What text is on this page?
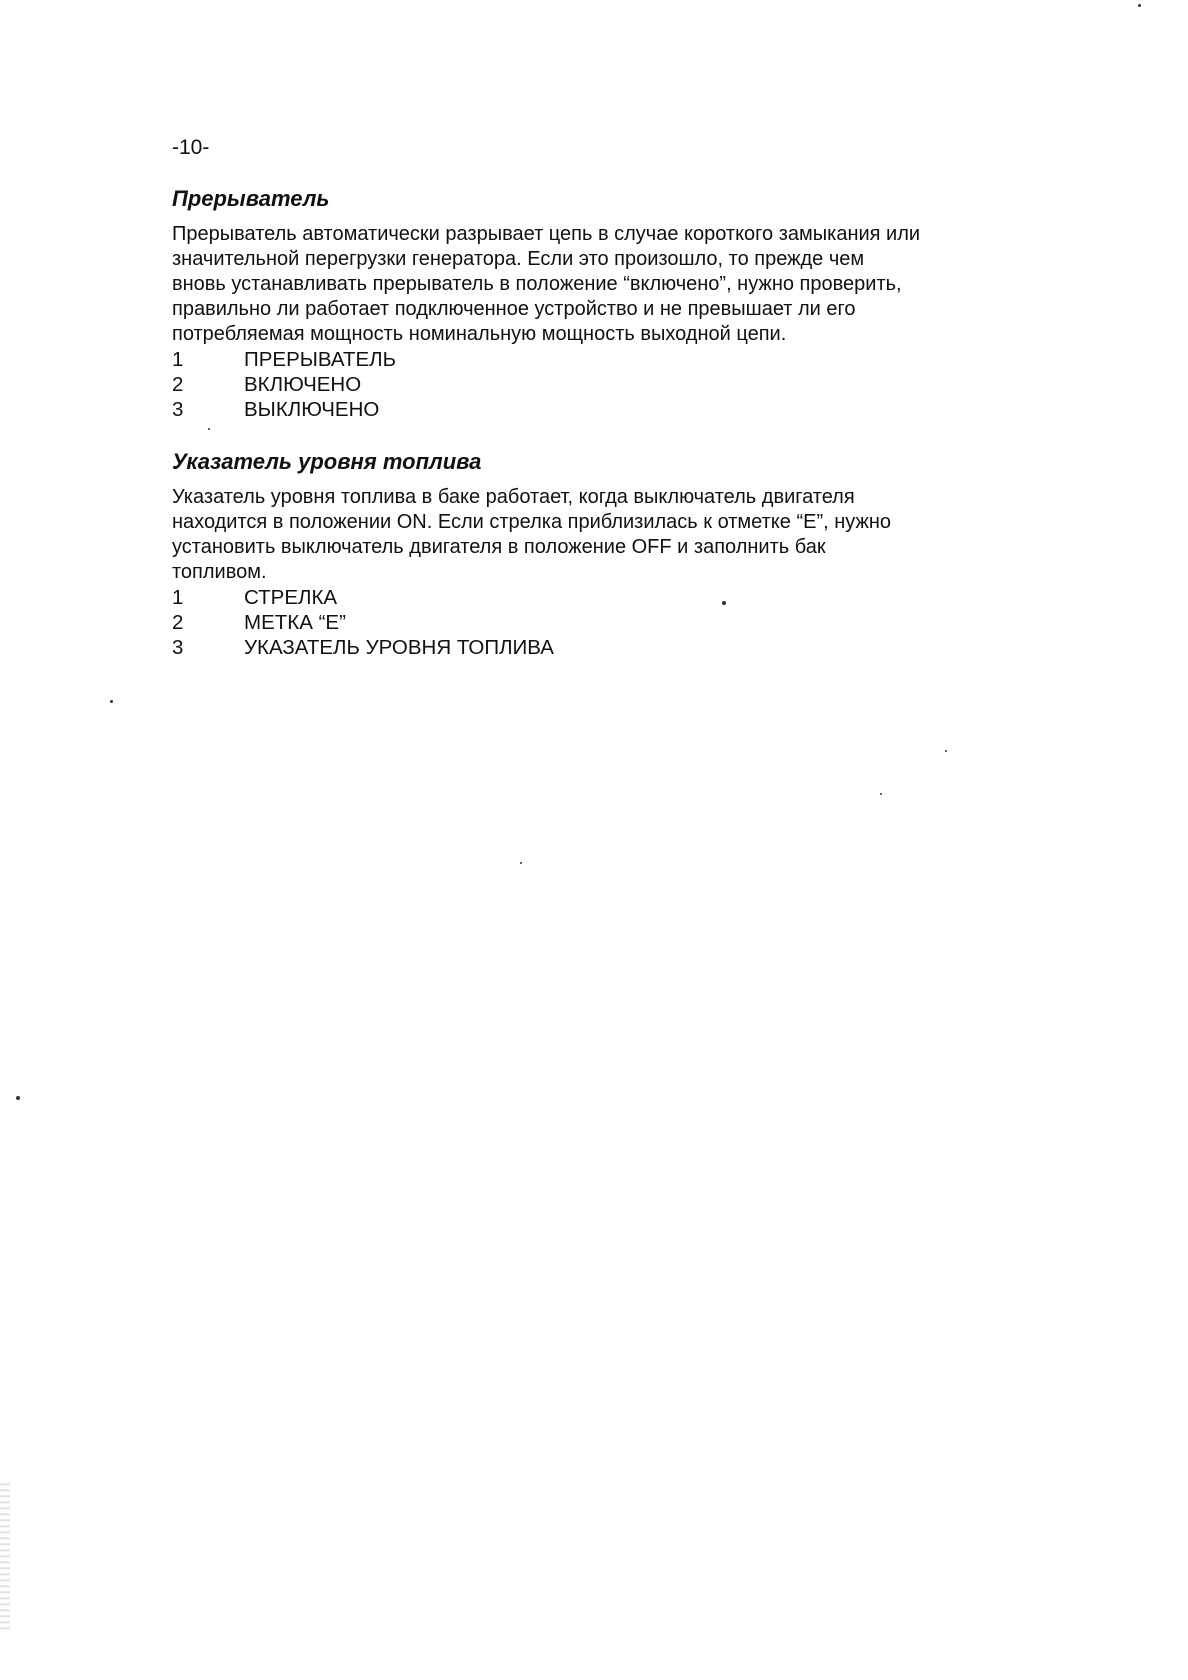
-10-
Прерыватель

Прерыватель автоматически разрывает цепь в случае короткого замыкания или
значительной перегрузки генератора. Если это произошло, то прежде чем
вновь устанавливать прерыватель в положение “включено”, нужно проверить,
правильно ли работает подключенное устройство и не превышает ли его
потребляемая мощность номинальную мощность выходной цепи.

1	ПРЕРЫВАТЕЛЬ
2	ВКЛЮЧЕНО
3	ВЫКЛЮЧЕНО
Указатель уровня топлива

Указатель уровня топлива в баке работает, когда выключатель двигателя
находится в положении ON. Если стрелка приблизилась к отметке “E”, нужно
установить выключатель двигателя в положение OFF и заполнить бак
топливом.

1	СТРЕЛКА
2	МЕТКА “E”
3	УКАЗАТЕЛЬ УРОВНЯ ТОПЛИВА
